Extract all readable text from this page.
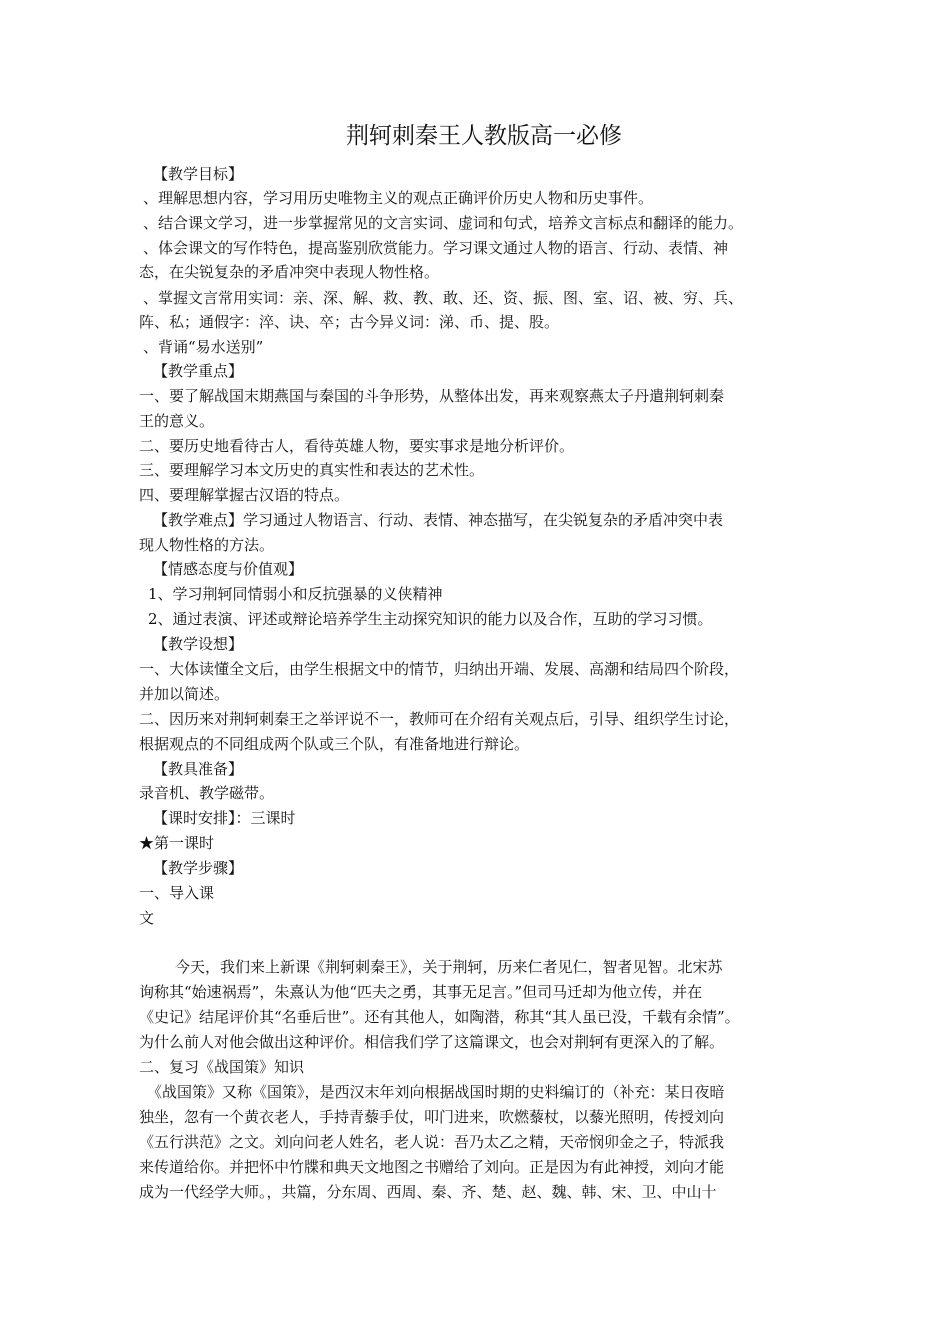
荆轲刺秦王人教版高一必修
【教学目标】
、理解思想内容，学习用历史唯物主义的观点正确评价历史人物和历史事件。
、结合课文学习，进一步掌握常见的文言实词、虚词和句式，培养文言标点和翻译的能力。
、体会课文的写作特色，提高鉴别欣赏能力。学习课文通过人物的语言、行动、表情、神
态，在尖锐复杂的矛盾冲突中表现人物性格。
、掌握文言常用实词：亲、深、解、救、教、敢、还、资、振、图、室、诏、被、穷、兵、
阵、私；通假字：淬、诀、卒；古今异义词：涕、币、提、股。
、背诵“易水送别”
【教学重点】
一、要了解战国末期燕国与秦国的斗争形势，从整体出发，再来观察燕太子丹遣荆轲刺秦
王的意义。
二、要历史地看待古人，看待英雄人物，要实事求是地分析评价。
三、要理解学习本文历史的真实性和表达的艺术性。
四、要理解掌握古汉语的特点。
【教学难点】学习通过人物语言、行动、表情、神态描写，在尖锐复杂的矛盾冲突中表
现人物性格的方法。
【情感态度与价值观】
1、学习荆轲同情弱小和反抗强暴的义侠精神
2、通过表演、评述或辩论培养学生主动探究知识的能力以及合作，互助的学习习惯。
【教学设想】
一、大体读懂全文后，由学生根据文中的情节，归纳出开端、发展、高潮和结局四个阶段，
并加以简述。
二、因历来对荆轲刺秦王之举评说不一，教师可在介绍有关观点后，引导、组织学生讨论，
根据观点的不同组成两个队或三个队，有准备地进行辩论。
【教具准备】
录音机、教学磁带。
【课时安排】：三课时
★第一课时
【教学步骤】
一、导入课
文
今天，我们来上新课《荆轲刺秦王》，关于荆轲，历来仁者见仁，智者见智。北宋苏
询称其“始速祸焉”，朱熹认为他“匹夫之勇，其事无足言。”但司马迁却为他立传，并在
《史记》结尾评价其“名垂后世”。还有其他人，如陶潜，称其“其人虽已没，千载有余情”。
为什么前人对他会做出这种评价。相信我们学了这篇课文，也会对荆轲有更深入的了解。
二、复习《战国策》知识
《战国策》又称《国策》，是西汉末年刘向根据战国时期的史料编订的（补充：某日夜暗
独坐，忽有一个黄衣老人，手持青藜手仗，叩门进来，吹燃藜杖，以藜光照明，传授刘向
《五行洪范》之文。刘向问老人姓名，老人说：吾乃太乙之精，天帝悯卯金之子，特派我
来传道给你。并把怀中竹牒和典天文地图之书赠给了刘向。正是因为有此神授，刘向才能
成为一代经学大师。，共篇，分东周、西周、秦、齐、楚、赵、魏、韩、宋、卫、中山十
